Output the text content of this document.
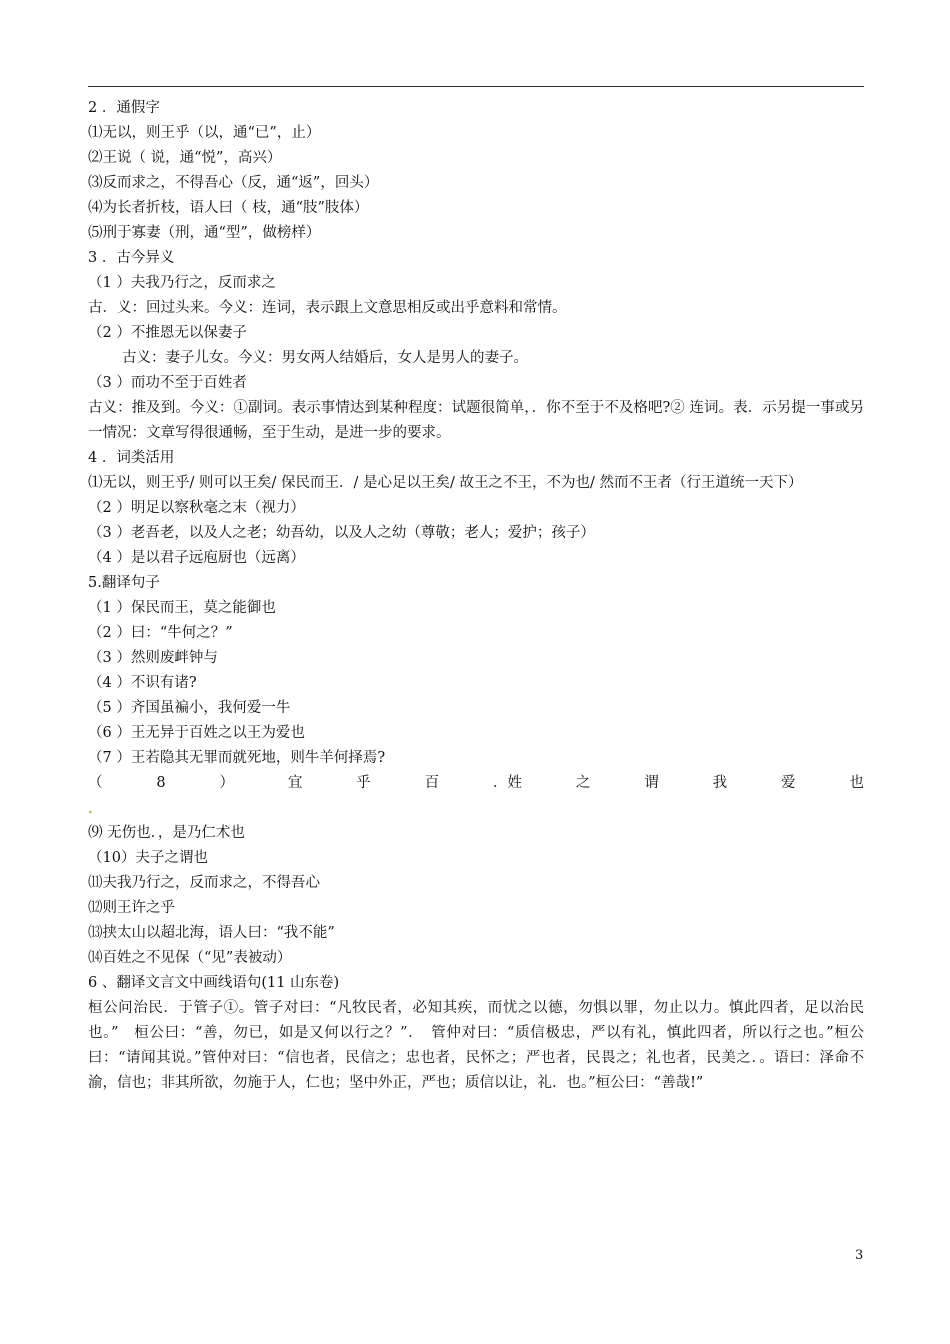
2 ．通假字
⑴无以，则王乎（以，通“已”，止）
⑵王说（ 说，通“悦”，高兴）
⑶反而求之，不得吾心（反，通“返”，回头）
⑷为长者折枝，语人曰（ 枝，通“肢”肢体）
⑸刑于寡妻（刑，通“型”，做榜样）
3 ．古今异义
（1 ）夫我乃行之，反而求之
古．义：回过头来。今义：连词，表示跟上文意思相反或出乎意料和常情。
（2 ）不推恩无以保妻子
古义：妻子儿女。今义：男女两人结婚后，女人是男人的妻子。
（3 ）而功不至于百姓者
古义：推及到。今义：①副词。表示事情达到某种程度：试题很简单，．你不至于不及格吧?② 连词。表．示另提一事或另一情况：文章写得很通畅，至于生动，是进一步的要求。
4 ．词类活用
⑴无以，则王乎/ 则可以王矣/ 保民而王．/ 是心足以王矣/ 故王之不王，不为也/ 然而不王者（行王道统一天下）
（2 ）明足以察秋毫之末（视力）
（3 ）老吾老，以及人之老；幼吾幼，以及人之幼（尊敬；老人；爱护；孩子）
（4 ）是以君子远庖厨也（远离）
5.翻译句子
（1 ）保民而王，莫之能御也
（2 ）曰：“牛何之？”
（3 ）然则废衅钟与
（4 ）不识有诸?
（5 ）齐国虽褊小，我何爱一牛
（6 ）王无异于百姓之以王为爱也
（7 ）王若隐其无罪而就死地，则牛羊何择焉?
（	8	）	宜	乎	百	．姓	之	谓	我	爱	也
．
⑼ 无伤也．，是乃仁术也
（10）夫子之谓也
⑾夫我乃行之，反而求之，不得吾心
⑿则王许之乎
⒀挟太山以超北海，语人曰：“我不能”
⒁百姓之不见保（“见”表被动）
6 、翻译文言文中画线语句(11 山东卷)
桓公问治民．于管子①。管子对曰：“凡牧民者，必知其疾，而忧之以德，勿惧以罪，勿止以力。慎此四者，足以治民也。”　桓公曰：“善，勿已，如是又何以行之？”．　管仲对曰：“质信极忠，严以有礼，慎此四者，所以行之也。”桓公曰：“请闻其说。”管仲对曰：“信也者，民信之；忠也者，民怀之；严也者，民畏之；礼也者，民美之．。语曰：泽命不渝，信也；非其所欲，勿施于人，仁也；坚中外正，严也；质信以让，礼．也。”桓公曰：“善哉!”
3
